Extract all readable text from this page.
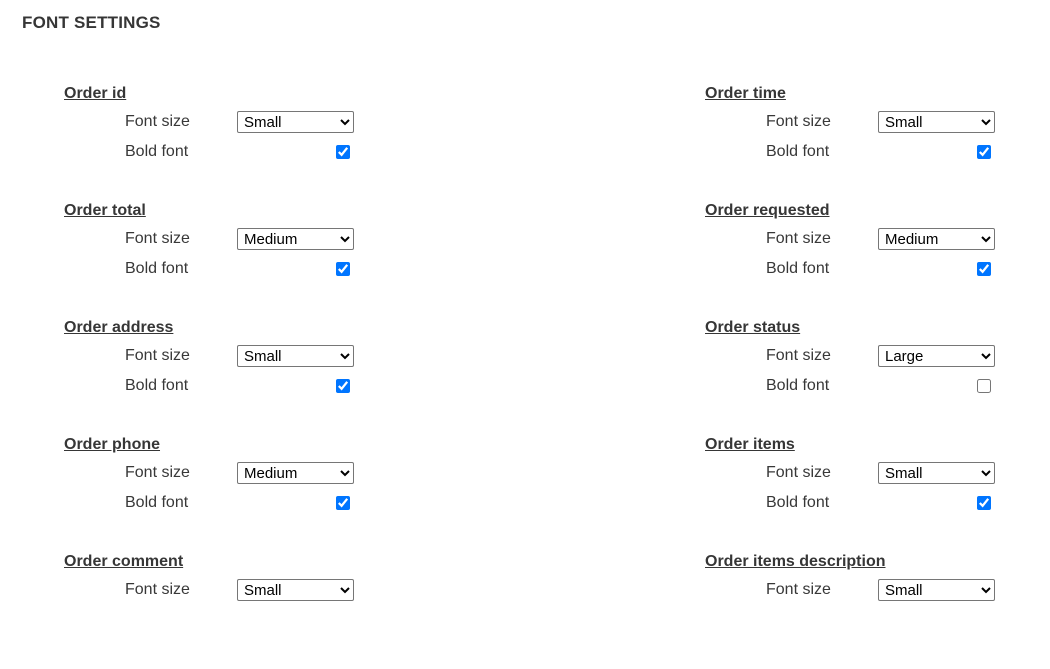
FONT SETTINGS
Order id
Font size
Small
Bold font
Order time
Font size
Small
Bold font
Order total
Font size
Medium
Bold font
Order requested
Font size
Medium
Bold font
Order address
Font size
Small
Bold font
Order status
Font size
Large
Bold font
Order phone
Font size
Medium
Bold font
Order items
Font size
Small
Bold font
Order comment
Font size
Small
Order items description
Font size
Small
